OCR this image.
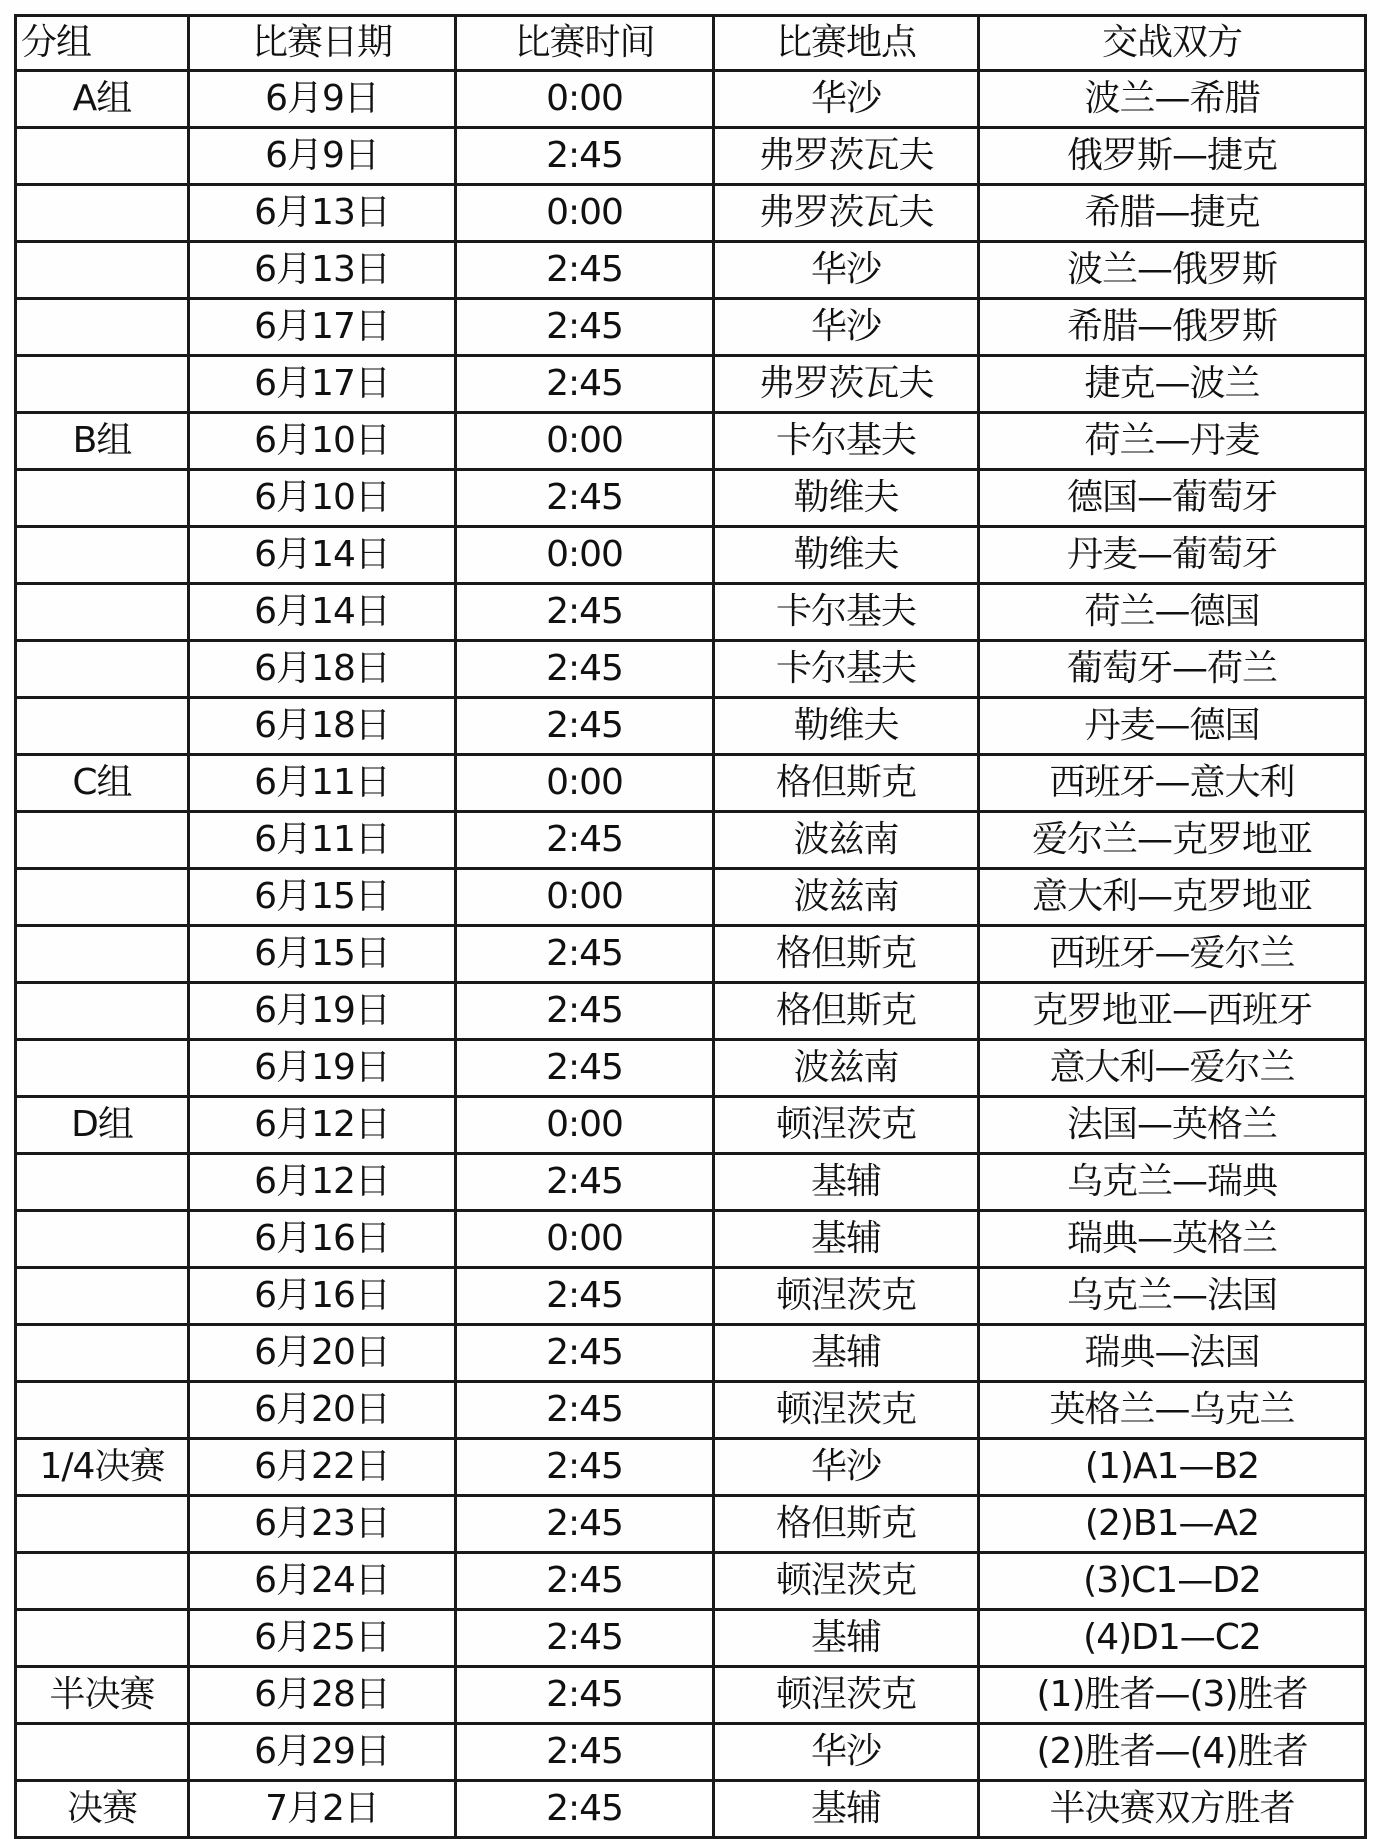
分组	比赛日期	比赛时间	比赛地点	交战双方
A组	6月9日	0:00	华沙	波兰—希腊
	6月9日	2:45	弗罗茨瓦夫	俄罗斯—捷克
	6月13日	0:00	弗罗茨瓦夫	希腊—捷克
	6月13日	2:45	华沙	波兰—俄罗斯
	6月17日	2:45	华沙	希腊—俄罗斯
	6月17日	2:45	弗罗茨瓦夫	捷克—波兰
B组	6月10日	0:00	卡尔基夫	荷兰—丹麦
	6月10日	2:45	勒维夫	德国—葡萄牙
	6月14日	0:00	勒维夫	丹麦—葡萄牙
	6月14日	2:45	卡尔基夫	荷兰—德国
	6月18日	2:45	卡尔基夫	葡萄牙—荷兰
	6月18日	2:45	勒维夫	丹麦—德国
C组	6月11日	0:00	格但斯克	西班牙—意大利
	6月11日	2:45	波兹南	爱尔兰—克罗地亚
	6月15日	0:00	波兹南	意大利—克罗地亚
	6月15日	2:45	格但斯克	西班牙—爱尔兰
	6月19日	2:45	格但斯克	克罗地亚—西班牙
	6月19日	2:45	波兹南	意大利—爱尔兰
D组	6月12日	0:00	顿涅茨克	法国—英格兰
	6月12日	2:45	基辅	乌克兰—瑞典
	6月16日	0:00	基辅	瑞典—英格兰
	6月16日	2:45	顿涅茨克	乌克兰—法国
	6月20日	2:45	基辅	瑞典—法国
	6月20日	2:45	顿涅茨克	英格兰—乌克兰
1/4决赛	6月22日	2:45	华沙	(1)A1—B2
	6月23日	2:45	格但斯克	(2)B1—A2
	6月24日	2:45	顿涅茨克	(3)C1—D2
	6月25日	2:45	基辅	(4)D1—C2
半决赛	6月28日	2:45	顿涅茨克	(1)胜者—(3)胜者
	6月29日	2:45	华沙	(2)胜者—(4)胜者
决赛	7月2日	2:45	基辅	半决赛双方胜者
